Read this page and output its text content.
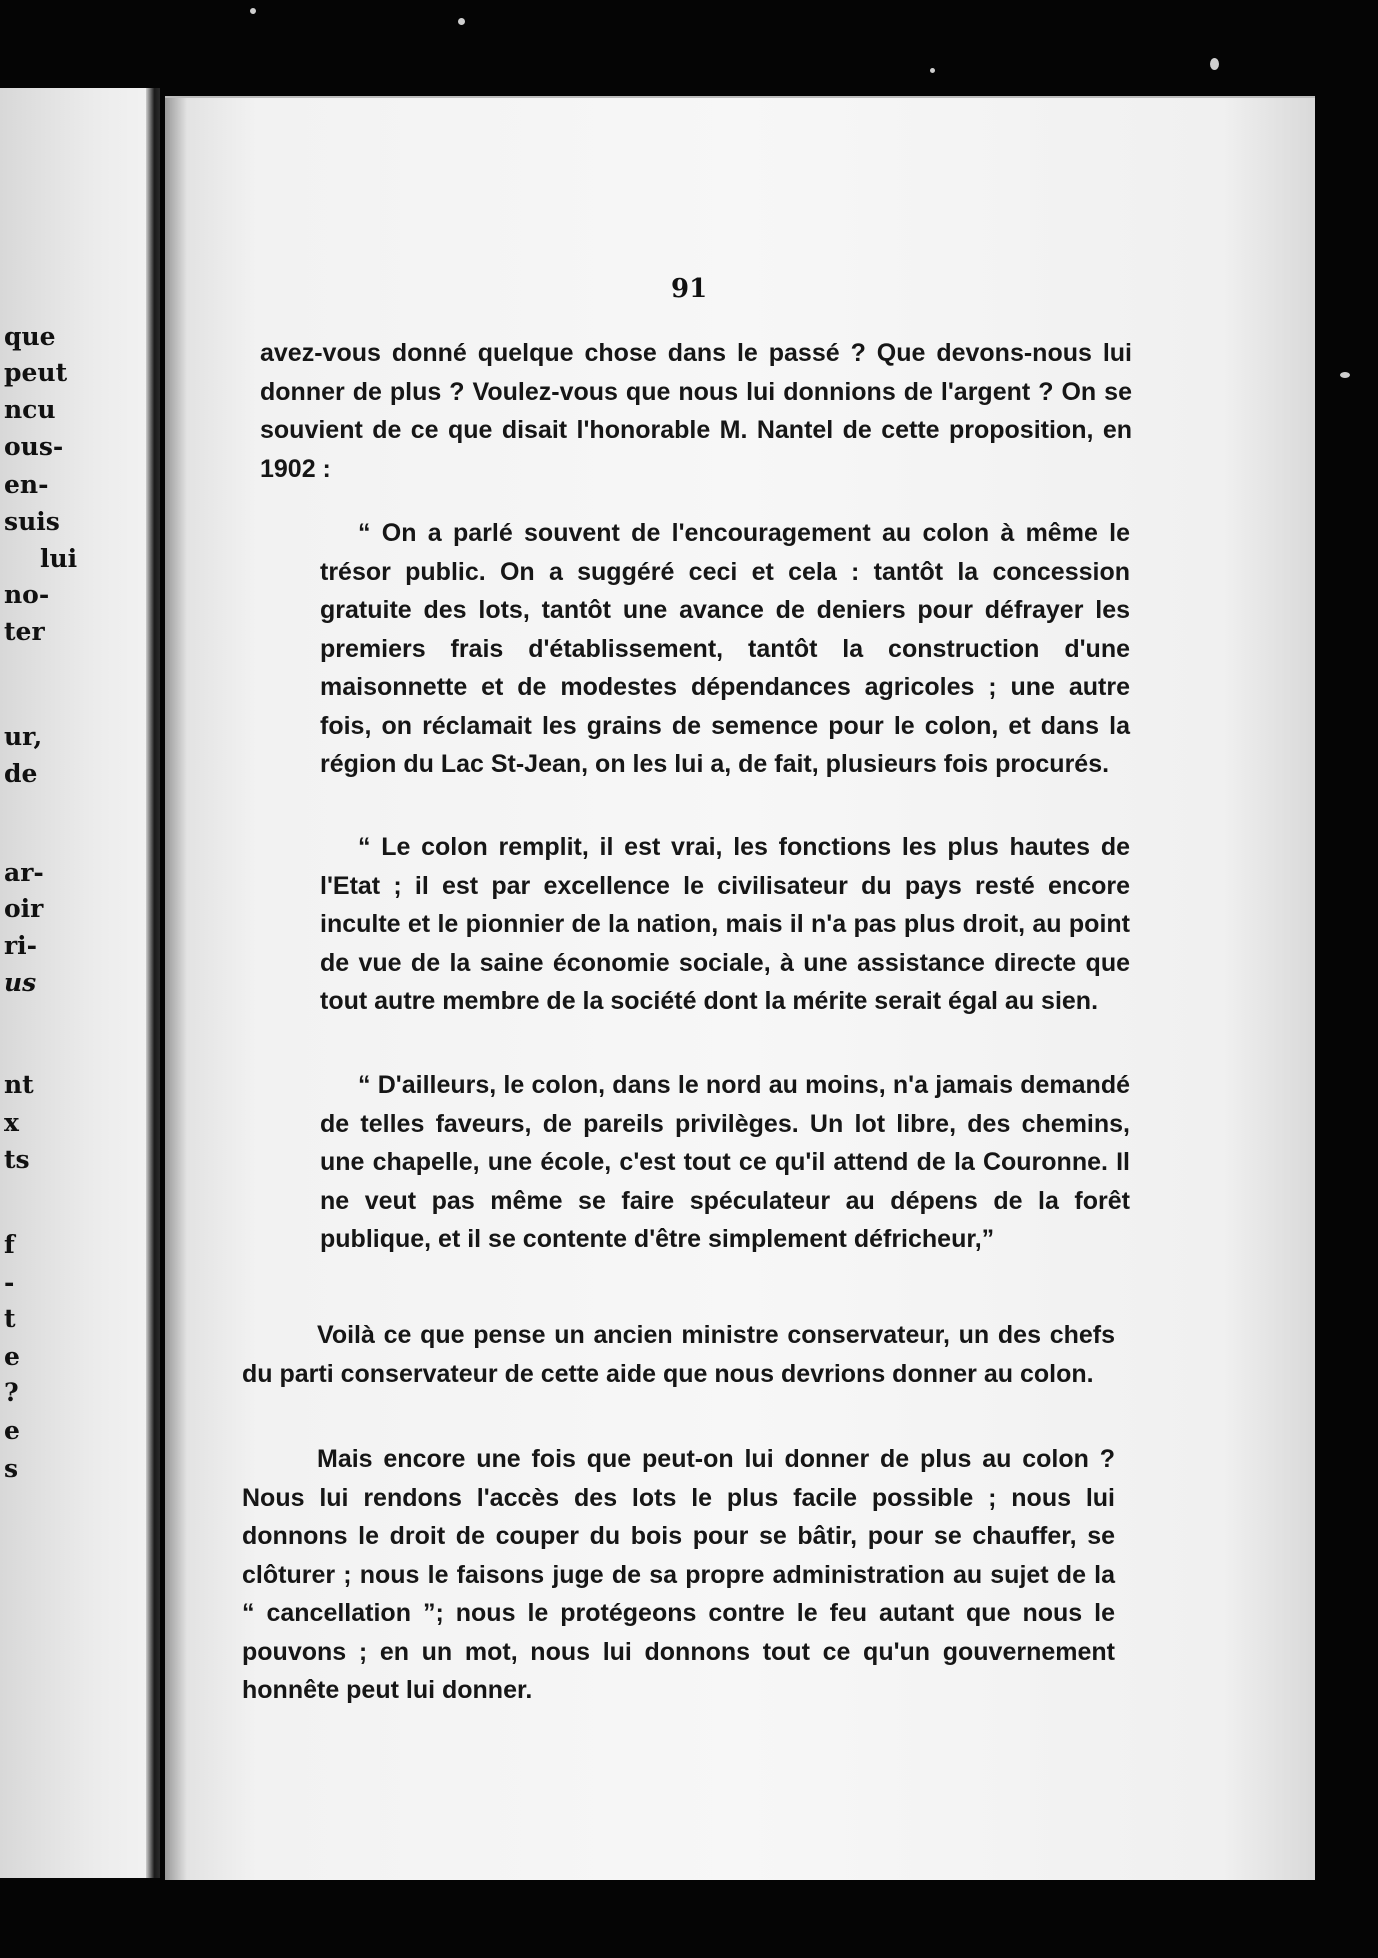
que
peut
ncu
ous-
en-
suis
lui
no-
ter
ur,
de
ar-
oir
ri-
us
nt
x
ts
f
-
t
e
?
e
s
91

avez-vous donné quelque chose dans le passé ? Que devons-nous lui donner de plus ? Voulez-vous que nous lui donnions de l'argent ? On se souvient de ce que disait l'honorable M. Nantel de cette proposition, en 1902 :

“ On a parlé souvent de l'encouragement au colon à même le trésor public. On a suggéré ceci et cela : tantôt la concession gratuite des lots, tantôt une avance de deniers pour défrayer les premiers frais d'établissement, tantôt la construction d'une maisonnette et de modestes dépendances agricoles ; une autre fois, on réclamait les grains de semence pour le colon, et dans la région du Lac St-Jean, on les lui a, de fait, plusieurs fois procurés.

“ Le colon remplit, il est vrai, les fonctions les plus hautes de l'Etat ; il est par excellence le civilisateur du pays resté encore inculte et le pionnier de la nation, mais il n'a pas plus droit, au point de vue de la saine économie sociale, à une assistance directe que tout autre membre de la société dont la mérite serait égal au sien.

“ D'ailleurs, le colon, dans le nord au moins, n'a jamais demandé de telles faveurs, de pareils privilèges. Un lot libre, des chemins, une chapelle, une école, c'est tout ce qu'il attend de la Couronne. Il ne veut pas même se faire spéculateur au dépens de la forêt publique, et il se contente d'être simplement défricheur,”

Voilà ce que pense un ancien ministre conservateur, un des chefs du parti conservateur de cette aide que nous devrions donner au colon.

Mais encore une fois que peut-on lui donner de plus au colon ? Nous lui rendons l'accès des lots le plus facile possible ; nous lui donnons le droit de couper du bois pour se bâtir, pour se chauffer, se clôturer ; nous le faisons juge de sa propre administration au sujet de la “ cancellation ”; nous le protégeons contre le feu autant que nous le pouvons ; en un mot, nous lui donnons tout ce qu'un gouvernement honnête peut lui donner.
